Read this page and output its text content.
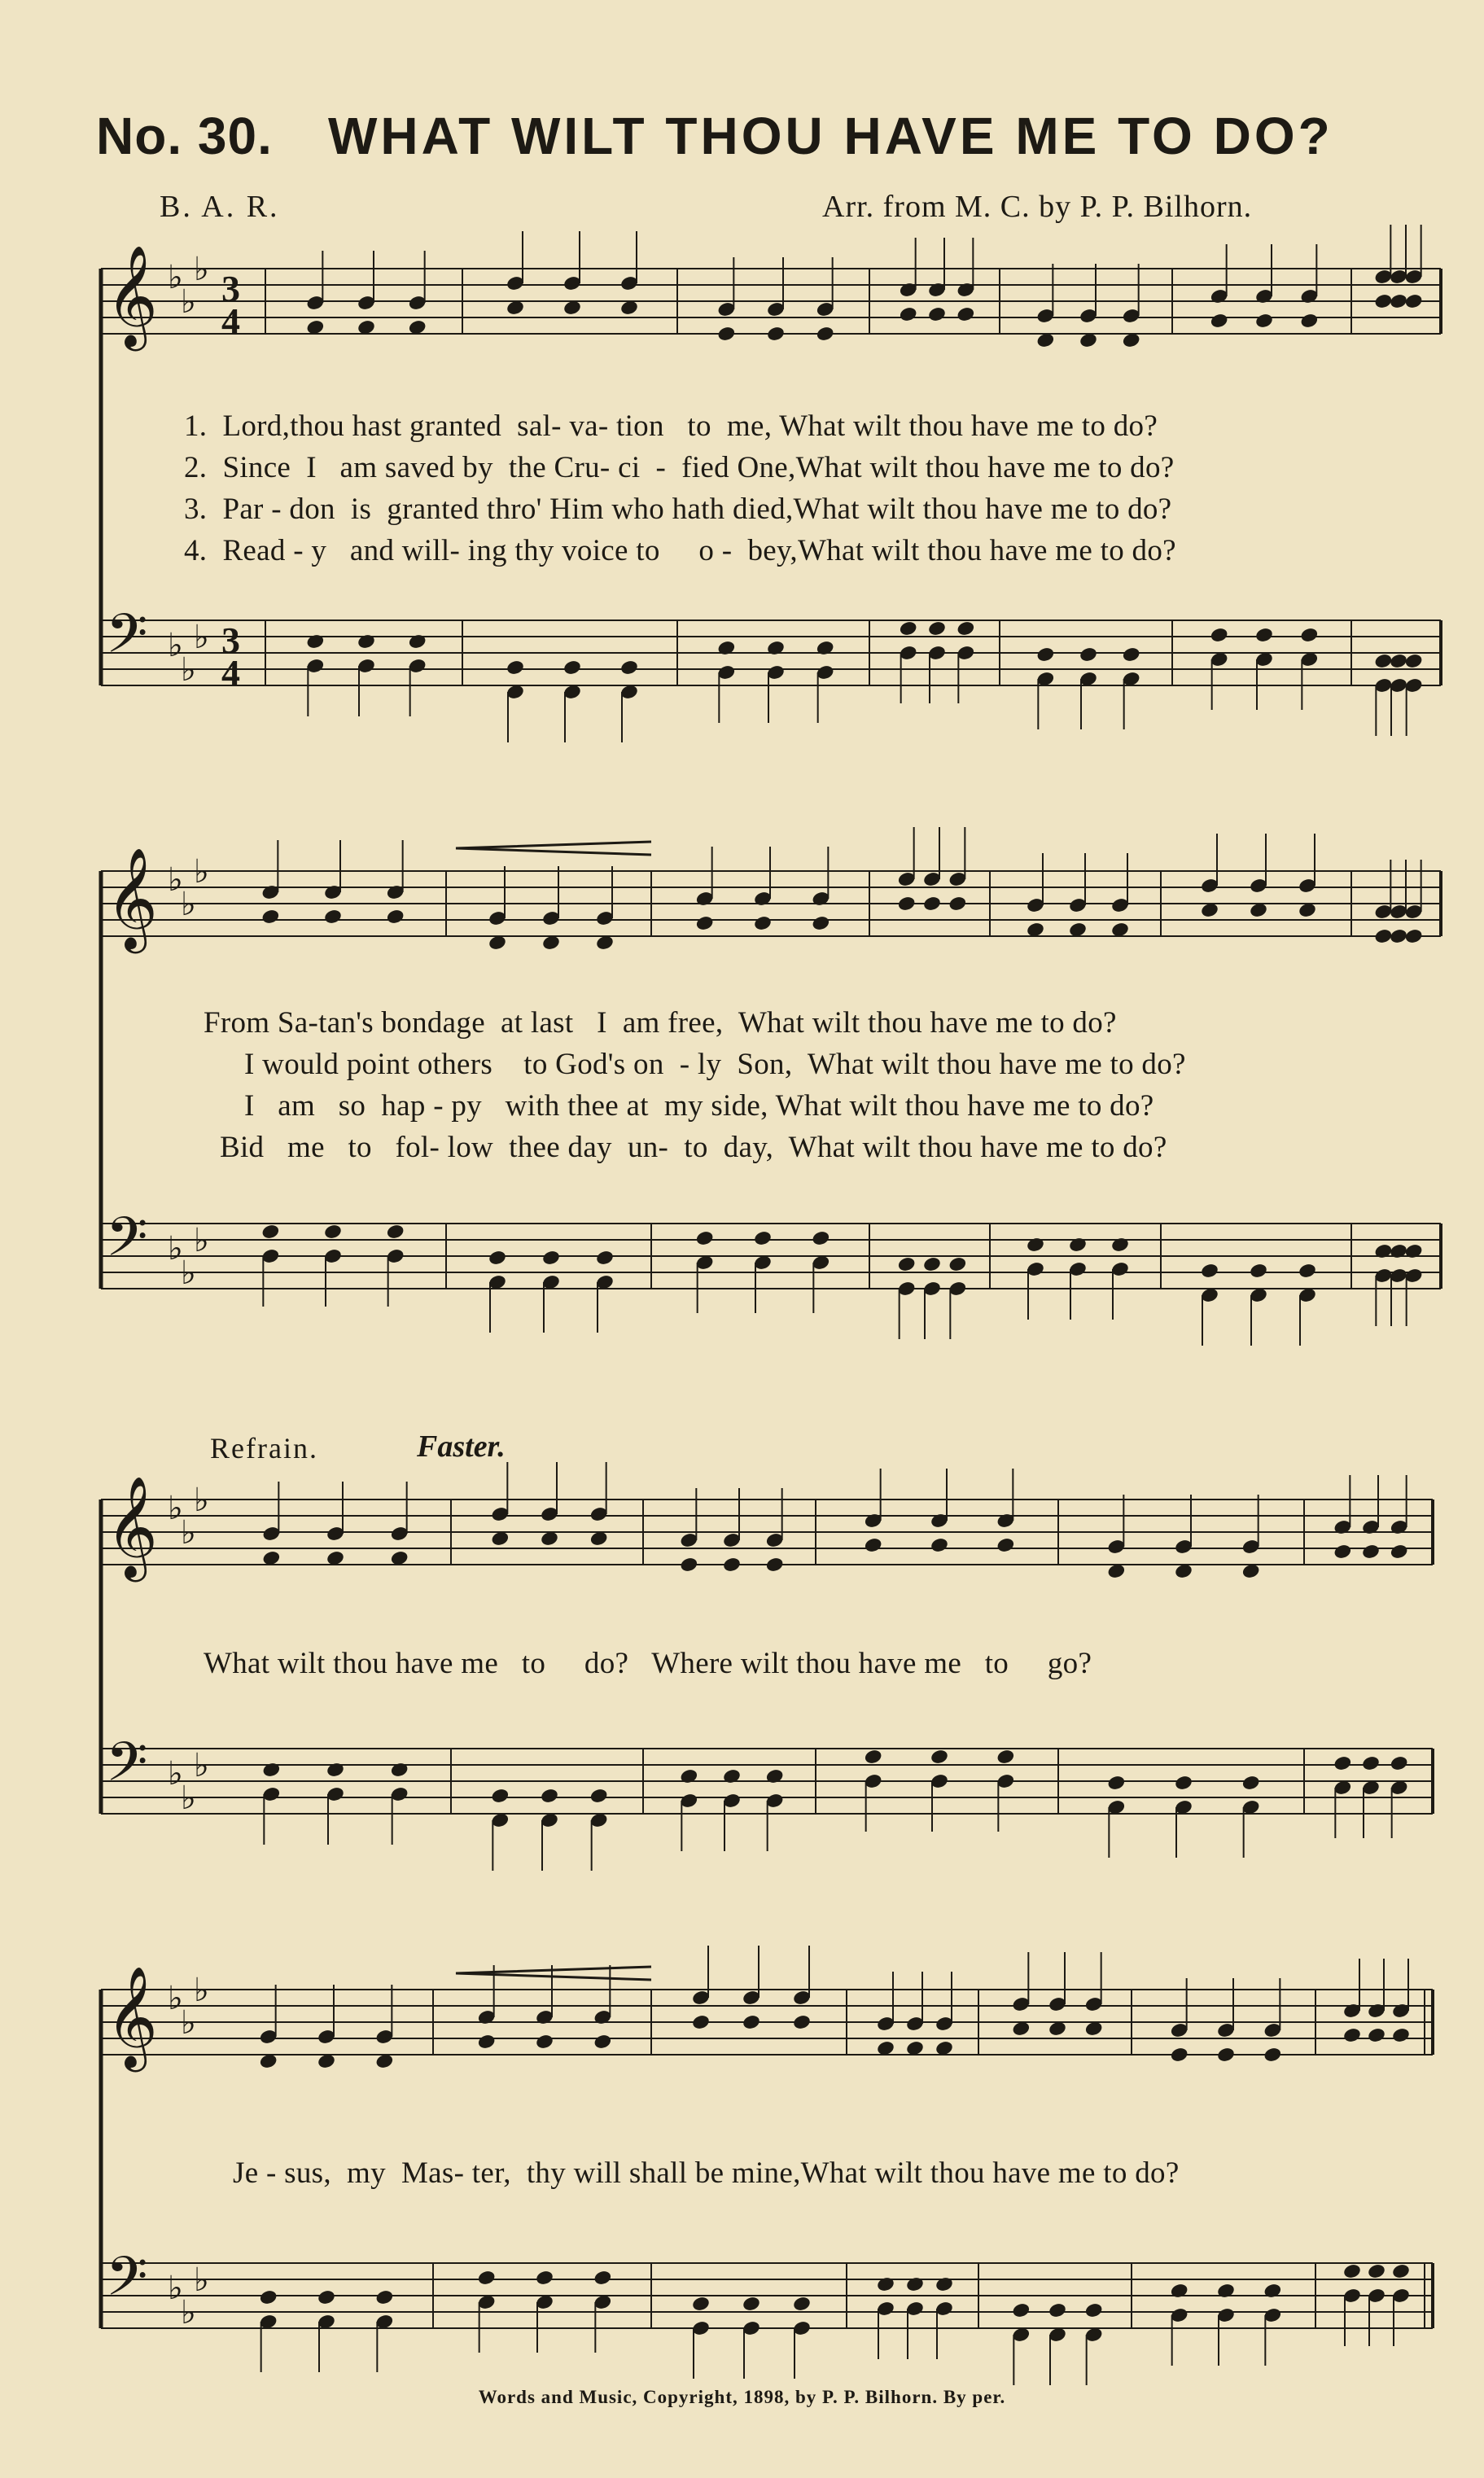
No. 30. WHAT WILT THOU HAVE ME TO DO?
B. A. R.	Arr. from M. C. by P. P. Bilhorn.
𝄞 ♭
♭
♭ 3
4
𝄢 ♭
♭
♭ 3
4
𝄞 ♭
♭
♭
𝄢 ♭
♭
♭
𝄞 ♭
♭
♭
𝄢 ♭
♭
♭
𝄞 ♭
♭
♭
𝄢 ♭
♭
♭
1.  Lord,thou hast granted  sal- va- tion   to  me, What wilt thou have me to do?
2.  Since  I   am saved by  the Cru- ci  -  fied One,What wilt thou have me to do?
3.  Par - don  is  granted thro' Him who hath died,What wilt thou have me to do?
4.  Read - y   and will- ing thy voice to     o -  bey,What wilt thou have me to do?
From Sa-tan's bondage  at last   I  am free,  What wilt thou have me to do?
I would point others    to God's on  - ly  Son,  What wilt thou have me to do?
I   am   so  hap - py   with thee at  my side, What wilt thou have me to do?
Bid   me   to   fol- low  thee day  un-  to  day,  What wilt thou have me to do?
Refrain.	Faster.
What wilt thou have me   to     do?   Where wilt thou have me   to     go?
Je - sus,  my  Mas- ter,  thy will shall be mine,What wilt thou have me to do?
Words and Music, Copyright, 1898, by P. P. Bilhorn. By per.
